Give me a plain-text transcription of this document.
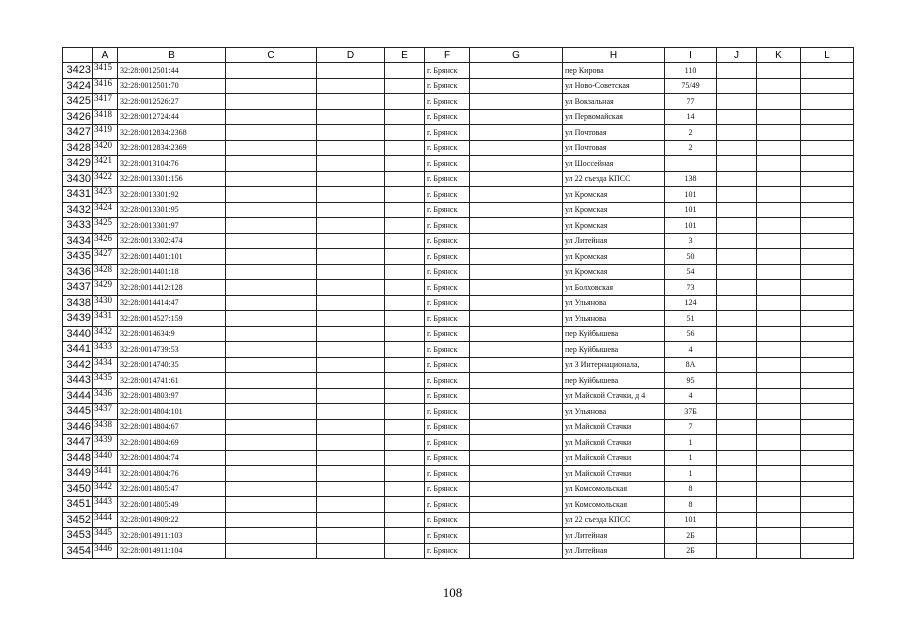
	A	B	C	D	E	F	G	H	I	J	K	L
3423	3415	32:28:0012501:44				г. Брянск		пер Кирова	110			
3424	3416	32:28:0012501:70				г. Брянск		ул Ново-Советская	75/49			
3425	3417	32:28:0012526:27				г. Брянск		ул Вокзальная	77			
3426	3418	32:28:0012724:44				г. Брянск		ул Первомайская	14			
3427	3419	32:28:0012834:2368				г. Брянск		ул Почтовая	2			
3428	3420	32:28:0012834:2369				г. Брянск		ул Почтовая	2			
3429	3421	32:28:0013104:76				г. Брянск		ул Шоссейная				
3430	3422	32:28:0013301:156				г. Брянск		ул 22 съезда КПСС	138			
3431	3423	32:28:0013301:92				г. Брянск		ул Кромская	101			
3432	3424	32:28:0013301:95				г. Брянск		ул Кромская	101			
3433	3425	32:28:0013301:97				г. Брянск		ул Кромская	101			
3434	3426	32:28:0013302:474				г. Брянск		ул Литейная	3			
3435	3427	32:28:0014401:101				г. Брянск		ул Кромская	50			
3436	3428	32:28:0014401:18				г. Брянск		ул Кромская	54			
3437	3429	32:28:0014412:128				г. Брянск		ул Болховская	73			
3438	3430	32:28:0014414:47				г. Брянск		ул Ульянова	124			
3439	3431	32:28:0014527:159				г. Брянск		ул Ульянова	51			
3440	3432	32:28:0014634:9				г. Брянск		пер Куйбышева	56			
3441	3433	32:28:0014739:53				г. Брянск		пер Куйбышева	4			
3442	3434	32:28:0014740:35				г. Брянск		ул 3 Интернационала,	8А			
3443	3435	32:28:0014741:61				г. Брянск		пер Куйбышева	95			
3444	3436	32:28:0014803:97				г. Брянск		ул Майской Стачки, д 4	4			
3445	3437	32:28:0014804:101				г. Брянск		ул Ульянова	37Б			
3446	3438	32:28:0014804:67				г. Брянск		ул Майской Стачки	7			
3447	3439	32:28:0014804:69				г. Брянск		ул Майской Стачки	1			
3448	3440	32:28:0014804:74				г. Брянск		ул Майской Стачки	1			
3449	3441	32:28:0014804:76				г. Брянск		ул Майской Стачки	1			
3450	3442	32:28:0014805:47				г. Брянск		ул Комсомольская	8			
3451	3443	32:28:0014805:49				г. Брянск		ул Комсомольская	8			
3452	3444	32:28:0014909:22				г. Брянск		ул 22 съезда КПСС	101			
3453	3445	32:28:0014911:103				г. Брянск		ул Литейная	2Б			
3454	3446	32:28:0014911:104				г. Брянск		ул Литейная	2Б			
108
